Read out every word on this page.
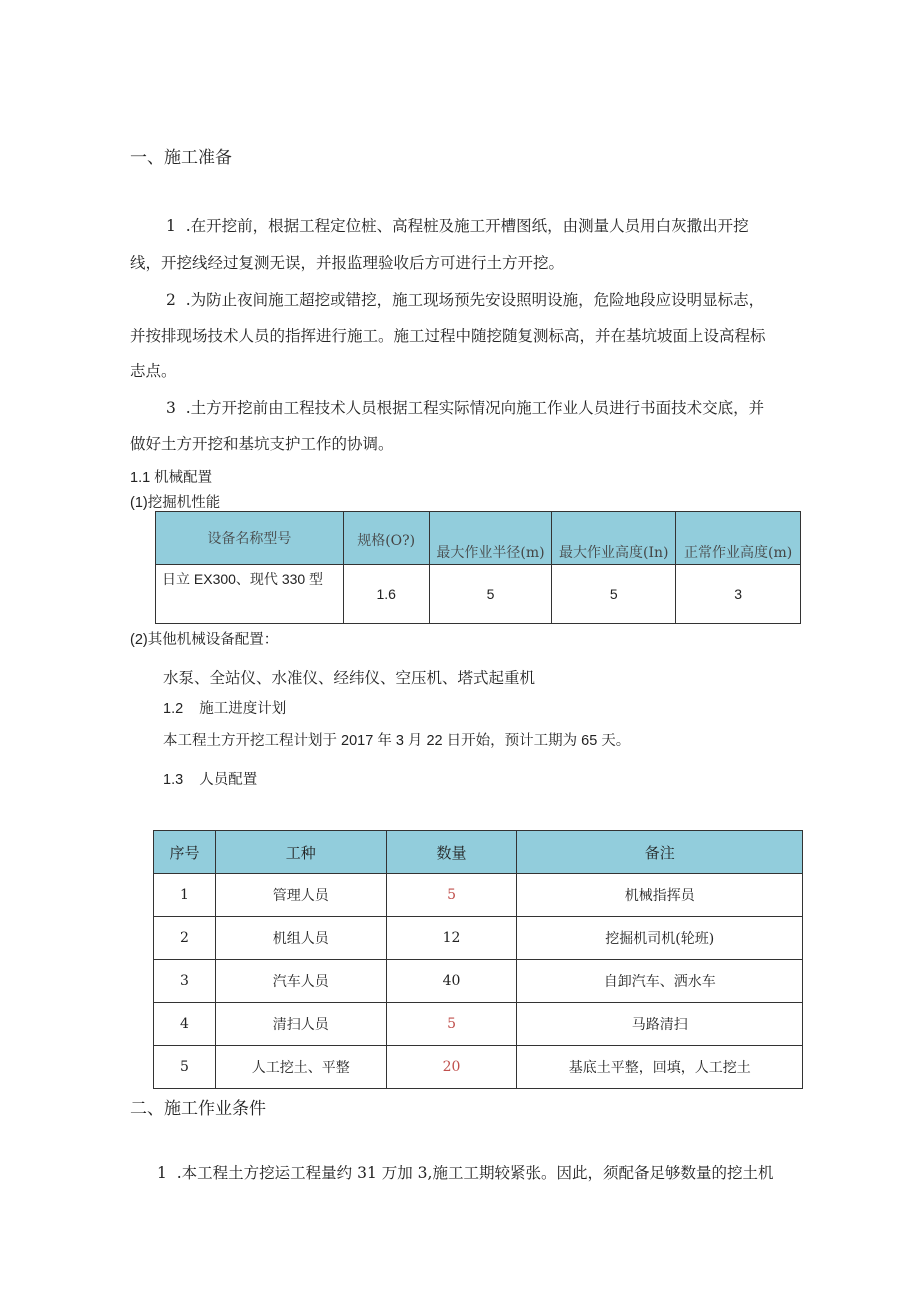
一、施工准备
1 .在开挖前，根据工程定位桩、高程桩及施工开槽图纸，由测量人员用白灰撒出开挖
线，开挖线经过复测无误，并报监理验收后方可进行土方开挖。
2 .为防止夜间施工超挖或错挖，施工现场预先安设照明设施，危险地段应设明显标志，
并按排现场技术人员的指挥进行施工。施工过程中随挖随复测标高，并在基坑坡面上设高程标
志点。
3 .土方开挖前由工程技术人员根据工程实际情况向施工作业人员进行书面技术交底，并
做好土方开挖和基坑支护工作的协调。
1.1 机械配置
(1)挖掘机性能
设备名称型号	规格(O?)	最大作业半径(m)	最大作业高度(In)	正常作业高度(m)
日立 EX300、现代 330 型	1.6	5	5	3
(2)其他机械设备配置：
水泵、全站仪、水准仪、经纬仪、空压机、塔式起重机
1.2 施工进度计划
本工程土方开挖工程计划于 2017 年 3 月 22 日开始，预计工期为 65 天。
1.3 人员配置
序号	工种	数量	备注
1	管理人员	5	机械指挥员
2	机组人员	12	挖掘机司机(轮班)
3	汽车人员	40	自卸汽车、洒水车
4	清扫人员	5	马路清扫
5	人工挖土、平整	20	基底土平整，回填，人工挖土
二、施工作业条件
1 .本工程土方挖运工程量约 31 万加 3,施工工期较紧张。因此，须配备足够数量的挖土机
